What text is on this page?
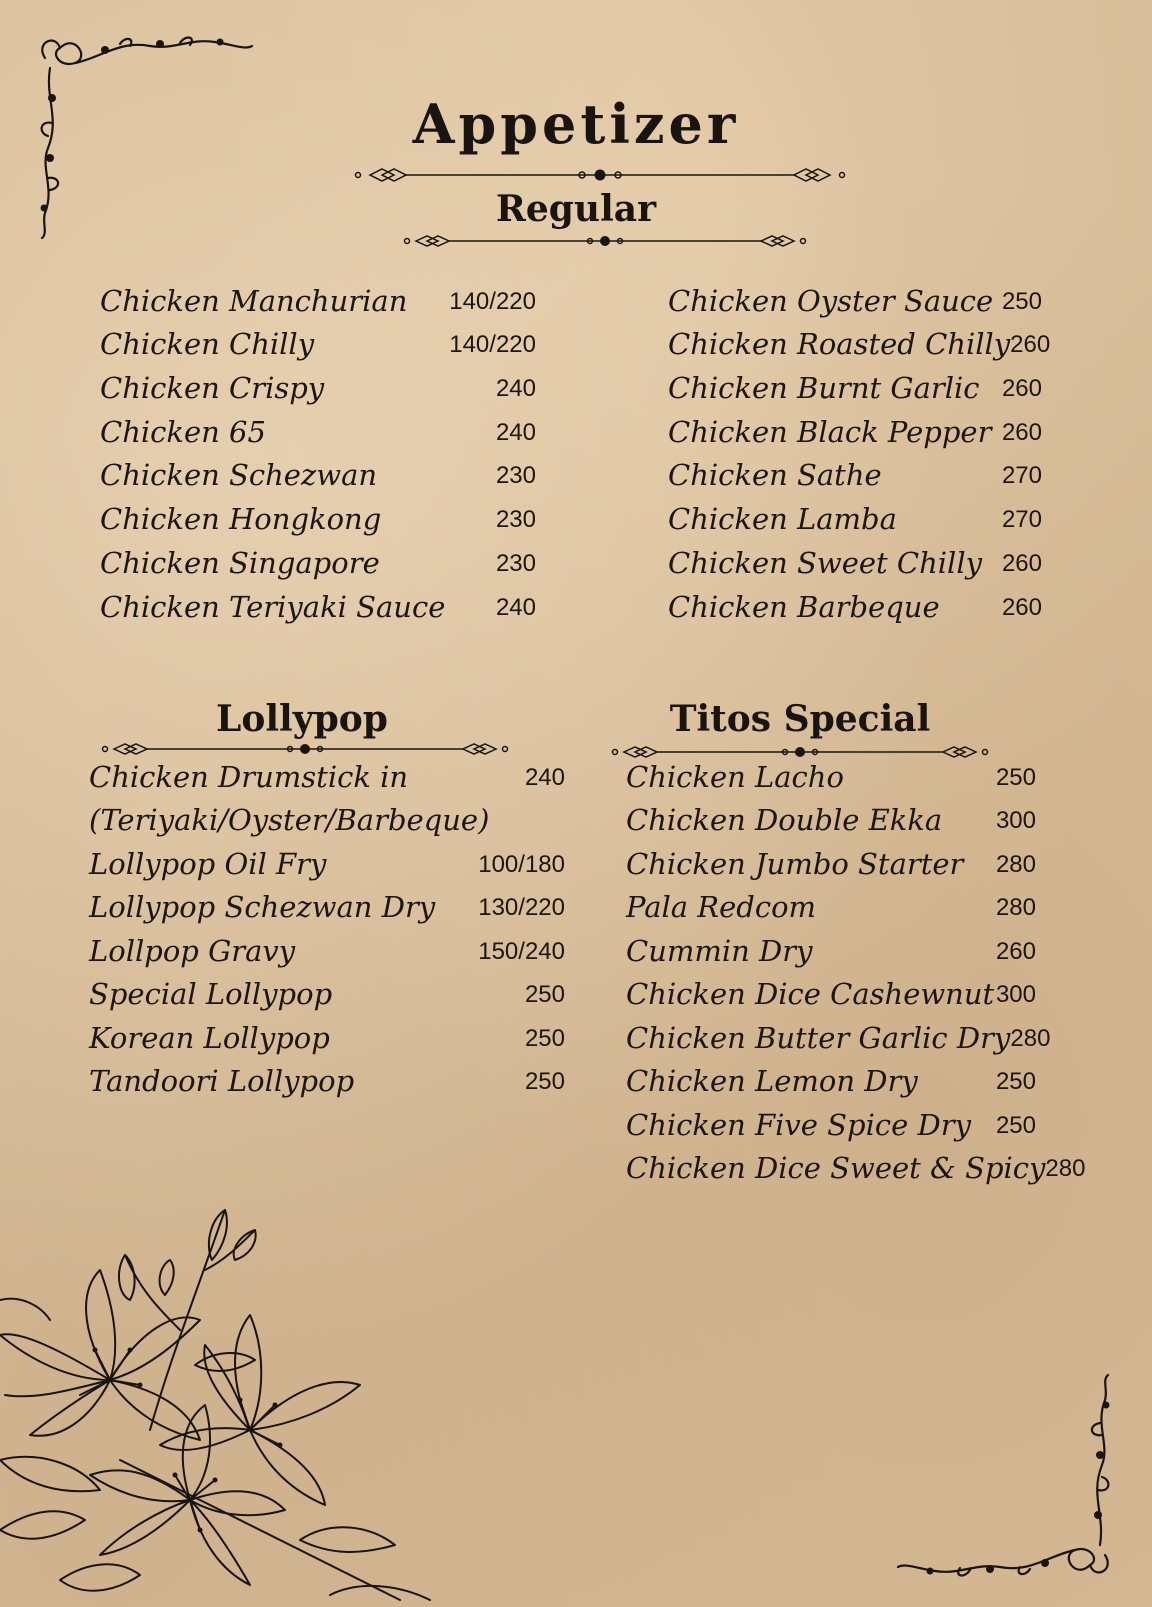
Appetizer
Regular
Chicken Manchurian 140/220
Chicken Chilly	140/220
Chicken Crispy	240
Chicken 65	240
Chicken Schezwan	230
Chicken Hongkong	230
Chicken Singapore	230
Chicken Teriyaki Sauce 240
Chicken Oyster Sauce 250
Chicken Roasted Chilly 260
Chicken Burnt Garlic 260
Chicken Black Pepper 260
Chicken Sathe	270
Chicken Lamba	270
Chicken Sweet Chilly 260
Chicken Barbeque	260
Lollypop
Chicken Drumstick in	240
(Teriyaki/Oyster/Barbeque)
Lollypop Oil Fry	100/180
Lollypop Schezwan Dry 130/220
Lollpop Gravy	150/240
Special Lollypop	250
Korean Lollypop	250
Tandoori Lollypop	250
Titos Special
Chicken Lacho	250
Chicken Double Ekka 300
Chicken Jumbo Starter 280
Pala Redcom	280
Cummin Dry	260
Chicken Dice Cashewnut 300
Chicken Butter Garlic Dry 280
Chicken Lemon Dry	250
Chicken Five Spice Dry 250
Chicken Dice Sweet & Spicy 280
